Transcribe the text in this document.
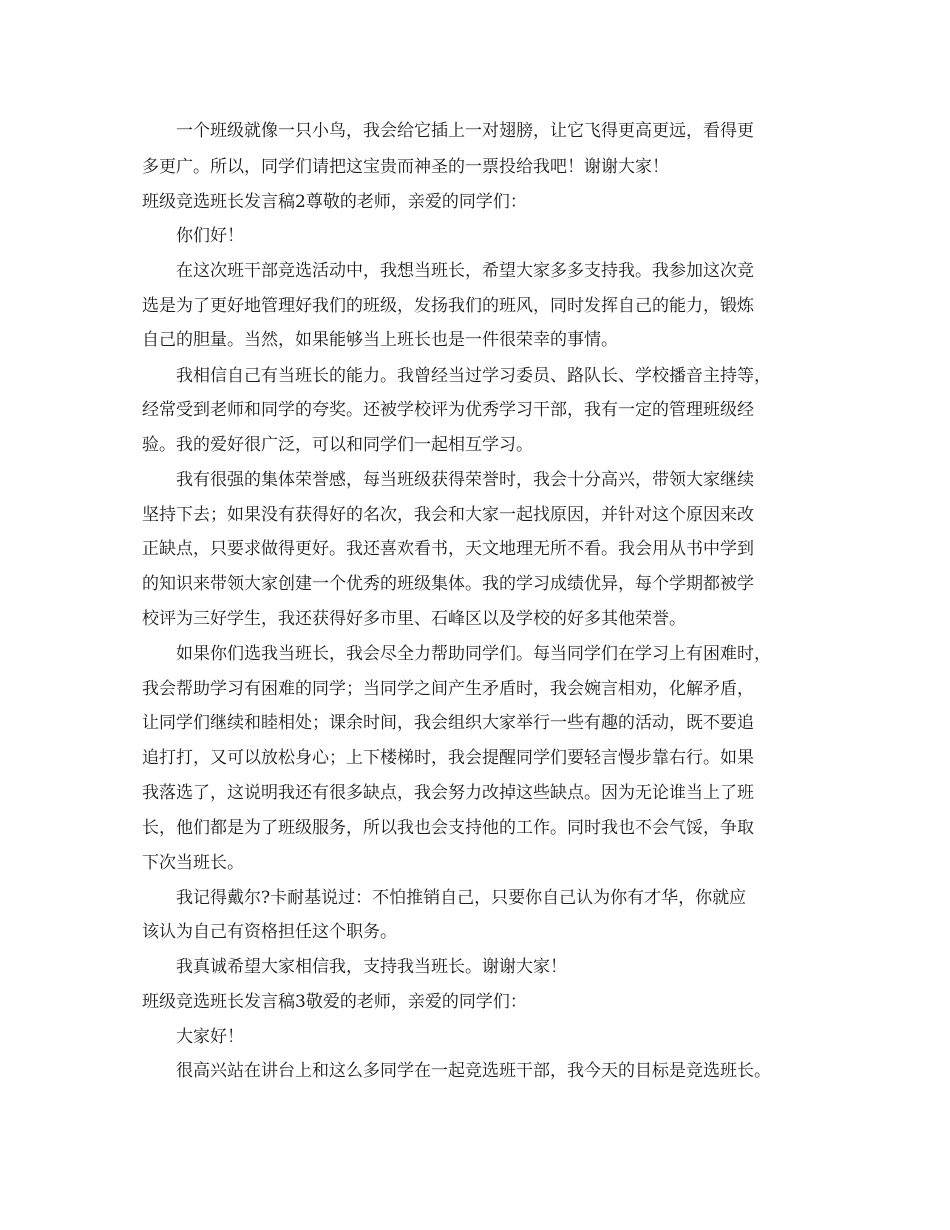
一个班级就像一只小鸟，我会给它插上一对翅膀，让它飞得更高更远，看得更
多更广。所以，同学们请把这宝贵而神圣的一票投给我吧！谢谢大家！
班级竞选班长发言稿2尊敬的老师，亲爱的同学们：
你们好！
在这次班干部竞选活动中，我想当班长，希望大家多多支持我。我参加这次竞
选是为了更好地管理好我们的班级，发扬我们的班风，同时发挥自己的能力，锻炼
自己的胆量。当然，如果能够当上班长也是一件很荣幸的事情。
我相信自己有当班长的能力。我曾经当过学习委员、路队长、学校播音主持等，
经常受到老师和同学的夸奖。还被学校评为优秀学习干部，我有一定的管理班级经
验。我的爱好很广泛，可以和同学们一起相互学习。
我有很强的集体荣誉感，每当班级获得荣誉时，我会十分高兴，带领大家继续
坚持下去；如果没有获得好的名次，我会和大家一起找原因，并针对这个原因来改
正缺点，只要求做得更好。我还喜欢看书，天文地理无所不看。我会用从书中学到
的知识来带领大家创建一个优秀的班级集体。我的学习成绩优异，每个学期都被学
校评为三好学生，我还获得好多市里、石峰区以及学校的好多其他荣誉。
如果你们选我当班长，我会尽全力帮助同学们。每当同学们在学习上有困难时，
我会帮助学习有困难的同学；当同学之间产生矛盾时，我会婉言相劝，化解矛盾，
让同学们继续和睦相处；课余时间，我会组织大家举行一些有趣的活动，既不要追
追打打，又可以放松身心；上下楼梯时，我会提醒同学们要轻言慢步靠右行。如果
我落选了，这说明我还有很多缺点，我会努力改掉这些缺点。因为无论谁当上了班
长，他们都是为了班级服务，所以我也会支持他的工作。同时我也不会气馁，争取
下次当班长。
我记得戴尔?卡耐基说过：不怕推销自己，只要你自己认为你有才华，你就应
该认为自己有资格担任这个职务。
我真诚希望大家相信我，支持我当班长。谢谢大家！
班级竞选班长发言稿3敬爱的老师，亲爱的同学们：
大家好！
很高兴站在讲台上和这么多同学在一起竞选班干部，我今天的目标是竞选班长。
